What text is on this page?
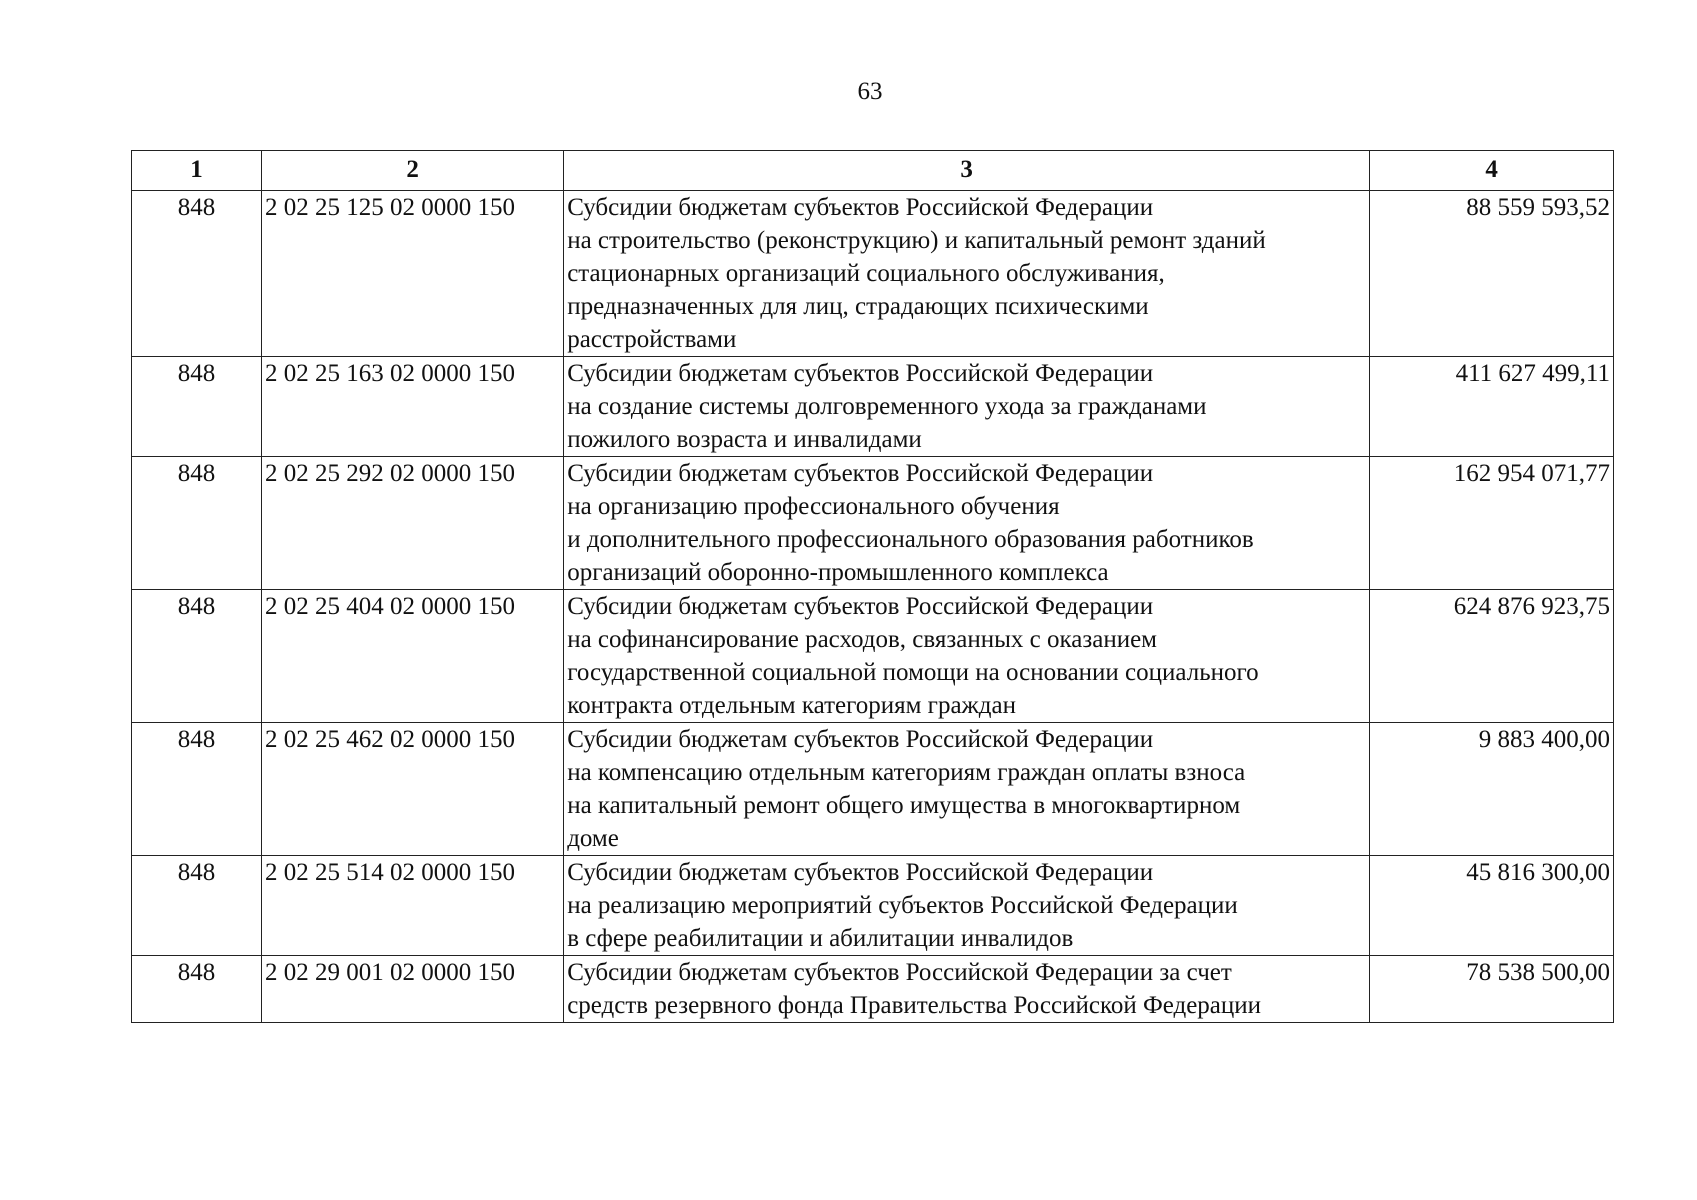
63
1	2	3	4
848	2 02 25 125 02 0000 150	Субсидии бюджетам субъектов Российской Федерации
на строительство (реконструкцию) и капитальный ремонт зданий
стационарных организаций социального обслуживания,
предназначенных для лиц, страдающих психическими
расстройствами	88 559 593,52
848	2 02 25 163 02 0000 150	Субсидии бюджетам субъектов Российской Федерации
на создание системы долговременного ухода за гражданами
пожилого возраста и инвалидами	411 627 499,11
848	2 02 25 292 02 0000 150	Субсидии бюджетам субъектов Российской Федерации
на организацию профессионального обучения
и дополнительного профессионального образования работников
организаций оборонно-промышленного комплекса	162 954 071,77
848	2 02 25 404 02 0000 150	Субсидии бюджетам субъектов Российской Федерации
на софинансирование расходов, связанных с оказанием
государственной социальной помощи на основании социального
контракта отдельным категориям граждан	624 876 923,75
848	2 02 25 462 02 0000 150	Субсидии бюджетам субъектов Российской Федерации
на компенсацию отдельным категориям граждан оплаты взноса
на капитальный ремонт общего имущества в многоквартирном
доме	9 883 400,00
848	2 02 25 514 02 0000 150	Субсидии бюджетам субъектов Российской Федерации
на реализацию мероприятий субъектов Российской Федерации
в сфере реабилитации и абилитации инвалидов	45 816 300,00
848	2 02 29 001 02 0000 150	Субсидии бюджетам субъектов Российской Федерации за счет
средств резервного фонда Правительства Российской Федерации	78 538 500,00
